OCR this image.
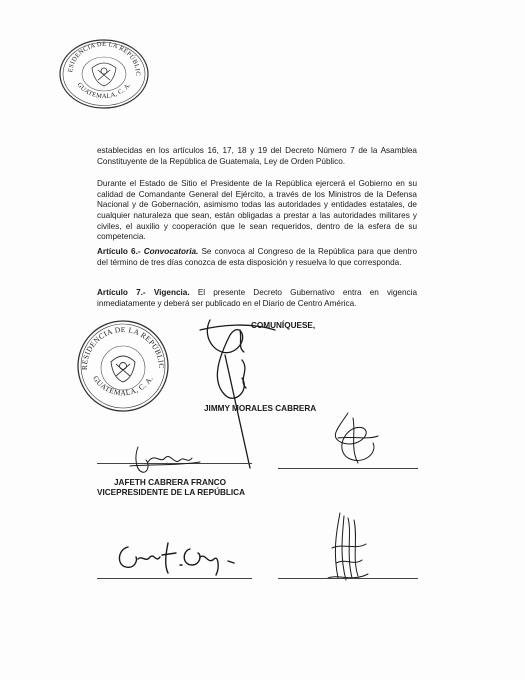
PRESIDENCIA DE LA REPÚBLICA
GUATEMALA, C. A.

establecidas en los artículos 16, 17, 18 y 19 del Decreto Número 7 de la Asamblea Constituyente de la República de Guatemala, Ley de Orden Público.

Durante el Estado de Sitio el Presidente de la República ejercerá el Gobierno en su calidad de Comandante General del Ejército, a través de los Ministros de la Defensa Nacional y de Gobernación, asimismo todas las autoridades y entidades estatales, de cualquier naturaleza que sean, están obligadas a prestar a las autoridades militares y civiles, el auxilio y cooperación que le sean requeridos, dentro de la esfera de su competencia.

Artículo 6.- Convocatoria. Se convoca al Congreso de la República para que dentro del término de tres días conozca de esta disposición y resuelva lo que corresponda.

Artículo 7.- Vigencia. El presente Decreto Gubernativo entra en vigencia inmediatamente y deberá ser publicado en el Diario de Centro América.

COMUNÍQUESE,
PRESIDENCIA DE LA REPÚBLICA
GUATEMALA, C. A.
JIMMY MORALES CABRERA
JAFETH CABRERA FRANCO
VICEPRESIDENTE DE LA REPÚBLICA
